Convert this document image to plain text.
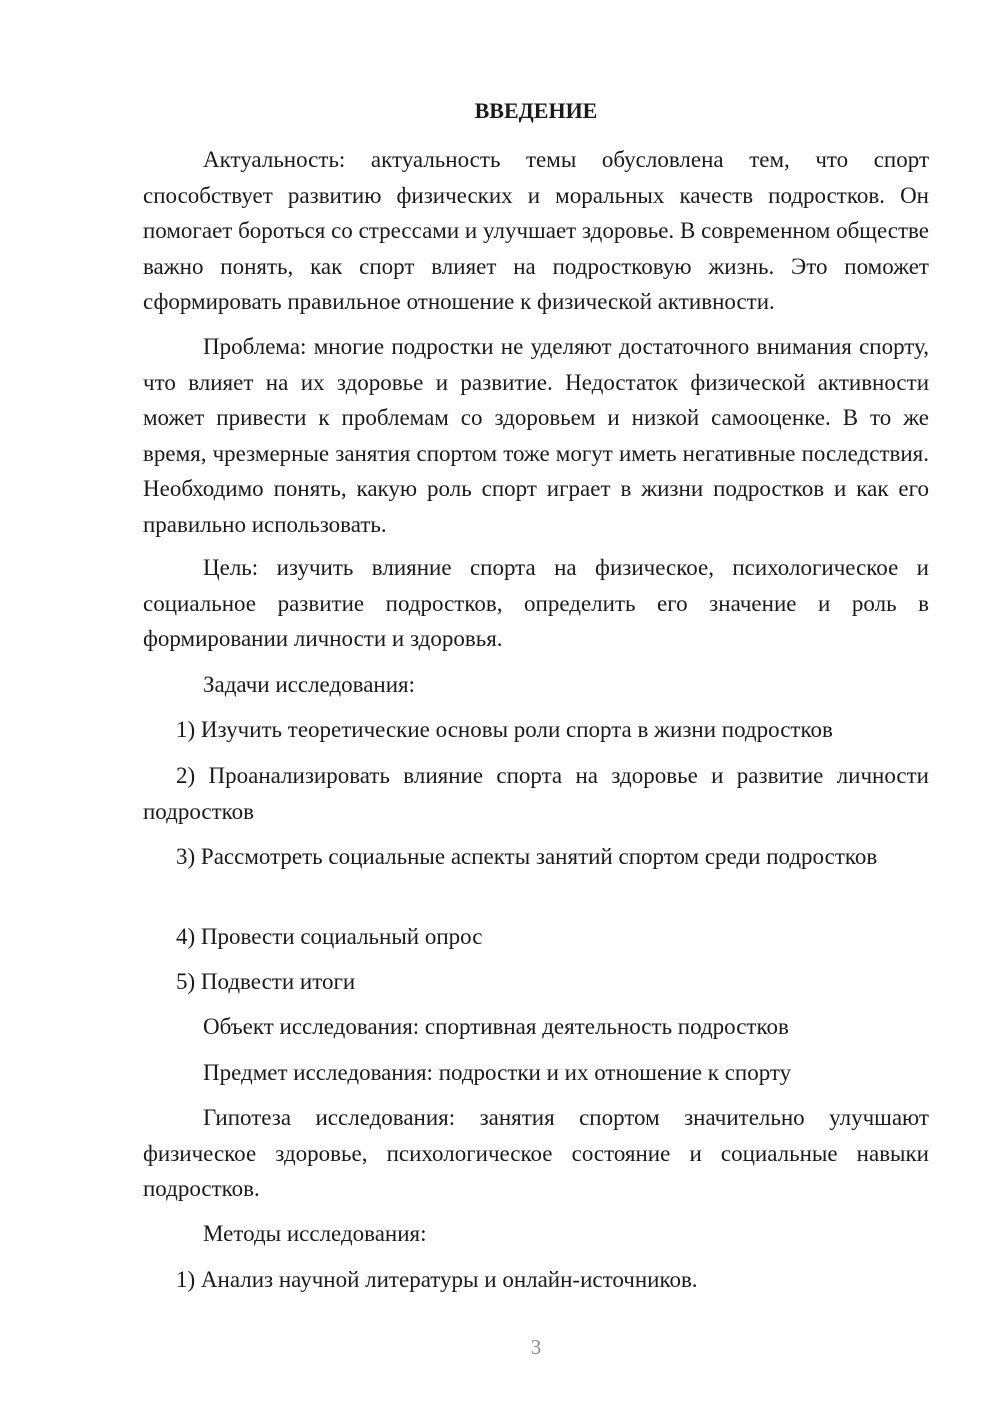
ВВЕДЕНИЕ

Актуальность: актуальность темы обусловлена тем, что спорт способствует развитию физических и моральных качеств подростков. Он помогает бороться со стрессами и улучшает здоровье. В современном обществе важно понять, как спорт влияет на подростковую жизнь. Это поможет сформировать правильное отношение к физической активности.

Проблема: многие подростки не уделяют достаточного внимания спорту, что влияет на их здоровье и развитие. Недостаток физической активности может привести к проблемам со здоровьем и низкой самооценке. В то же время, чрезмерные занятия спортом тоже могут иметь негативные последствия. Необходимо понять, какую роль спорт играет в жизни подростков и как его правильно использовать.

Цель: изучить влияние спорта на физическое, психологическое и социальное развитие подростков, определить его значение и роль в формировании личности и здоровья.

Задачи исследования:

1) Изучить теоретические основы роли спорта в жизни подростков

2) Проанализировать влияние спорта на здоровье и развитие личности подростков

3) Рассмотреть социальные аспекты занятий спортом среди подростков

4) Провести социальный опрос

5) Подвести итоги

Объект исследования: спортивная деятельность подростков

Предмет исследования: подростки и их отношение к спорту

Гипотеза исследования: занятия спортом значительно улучшают физическое здоровье, психологическое состояние и социальные навыки подростков.

Методы исследования:

1) Анализ научной литературы и онлайн-источников.

3
